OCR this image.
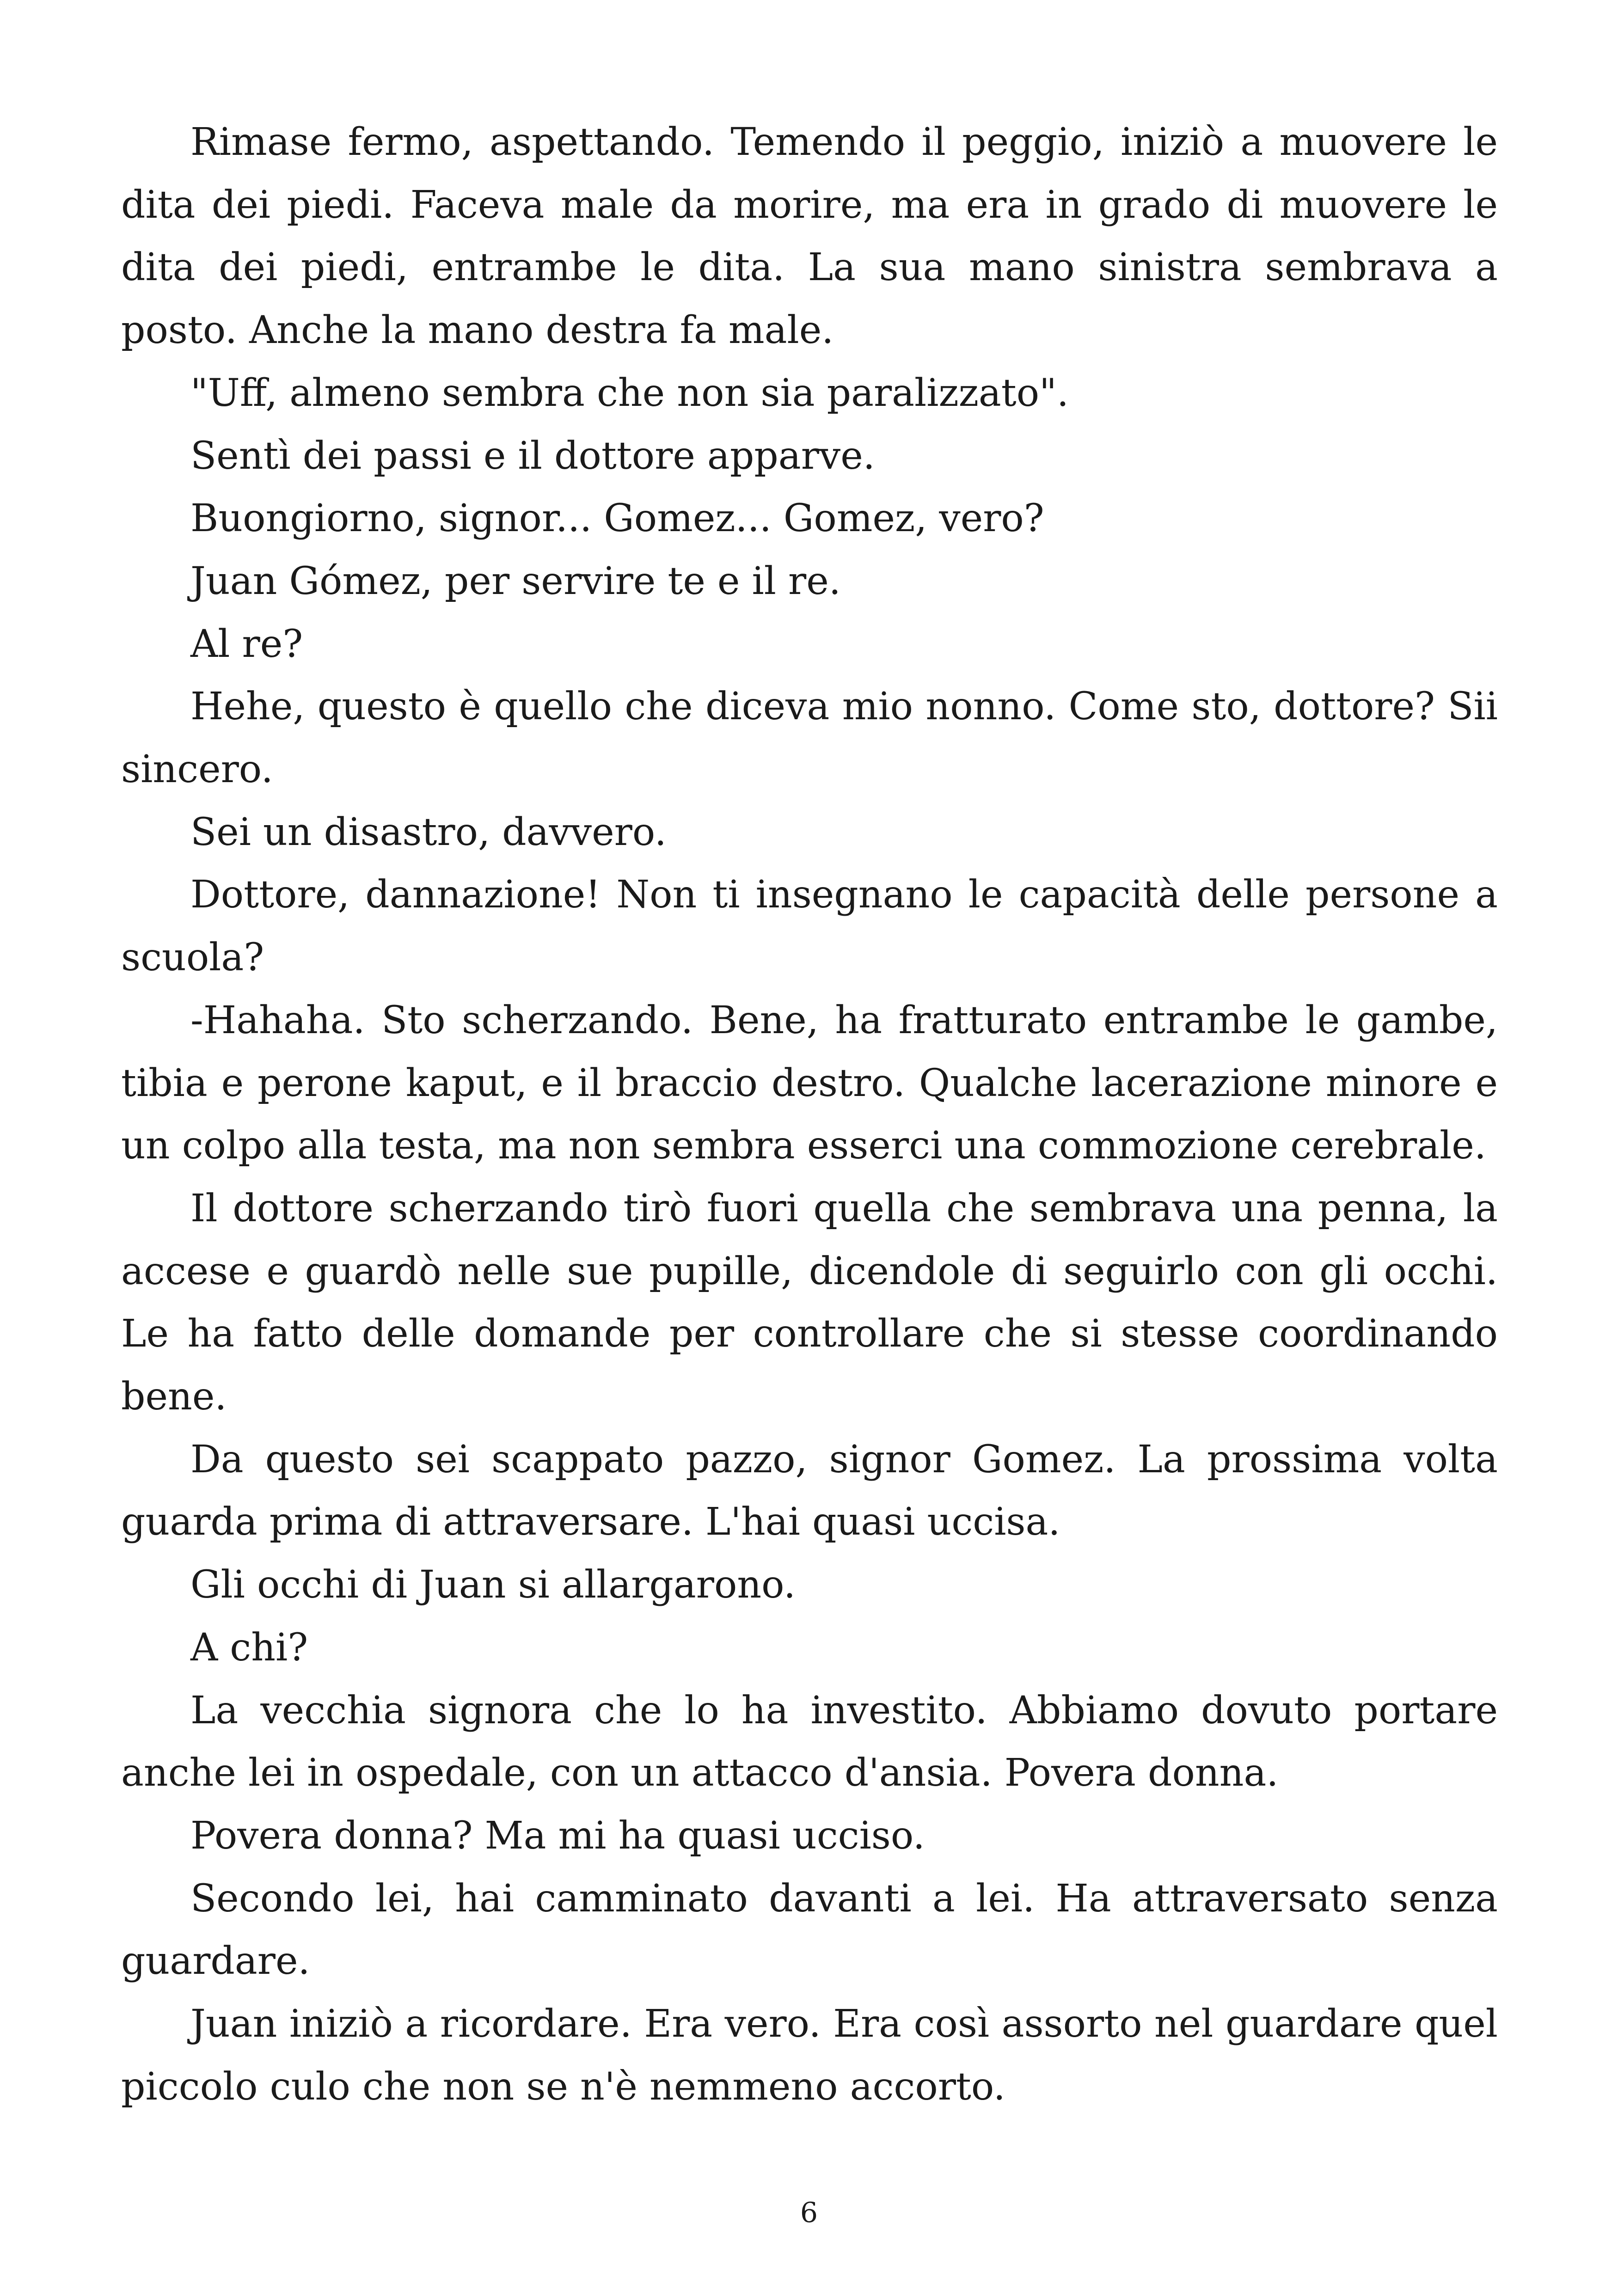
Rimase fermo, aspettando. Temendo il peggio, iniziò a muovere le dita dei piedi. Faceva male da morire, ma era in grado di muovere le dita dei piedi, entrambe le dita. La sua mano sinistra sembrava a posto. Anche la mano destra fa male.

"Uff, almeno sembra che non sia paralizzato".

Sentì dei passi e il dottore apparve.

Buongiorno, signor... Gomez... Gomez, vero?

Juan Gómez, per servire te e il re.

Al re?

Hehe, questo è quello che diceva mio nonno. Come sto, dottore? Sii sincero.

Sei un disastro, davvero.

Dottore, dannazione! Non ti insegnano le capacità delle persone a scuola?

-Hahaha. Sto scherzando. Bene, ha fratturato entrambe le gambe, tibia e perone kaput, e il braccio destro. Qualche lacerazione minore e un colpo alla testa, ma non sembra esserci una commozione cerebrale.

Il dottore scherzando tirò fuori quella che sembrava una penna, la accese e guardò nelle sue pupille, dicendole di seguirlo con gli occhi. Le ha fatto delle domande per controllare che si stesse coordinando bene.

Da questo sei scappato pazzo, signor Gomez. La prossima volta guarda prima di attraversare. L'hai quasi uccisa.

Gli occhi di Juan si allargarono.

A chi?

La vecchia signora che lo ha investito. Abbiamo dovuto portare anche lei in ospedale, con un attacco d'ansia. Povera donna.

Povera donna? Ma mi ha quasi ucciso.

Secondo lei, hai camminato davanti a lei. Ha attraversato senza guardare.

Juan iniziò a ricordare. Era vero. Era così assorto nel guardare quel piccolo culo che non se n'è nemmeno accorto.

6
